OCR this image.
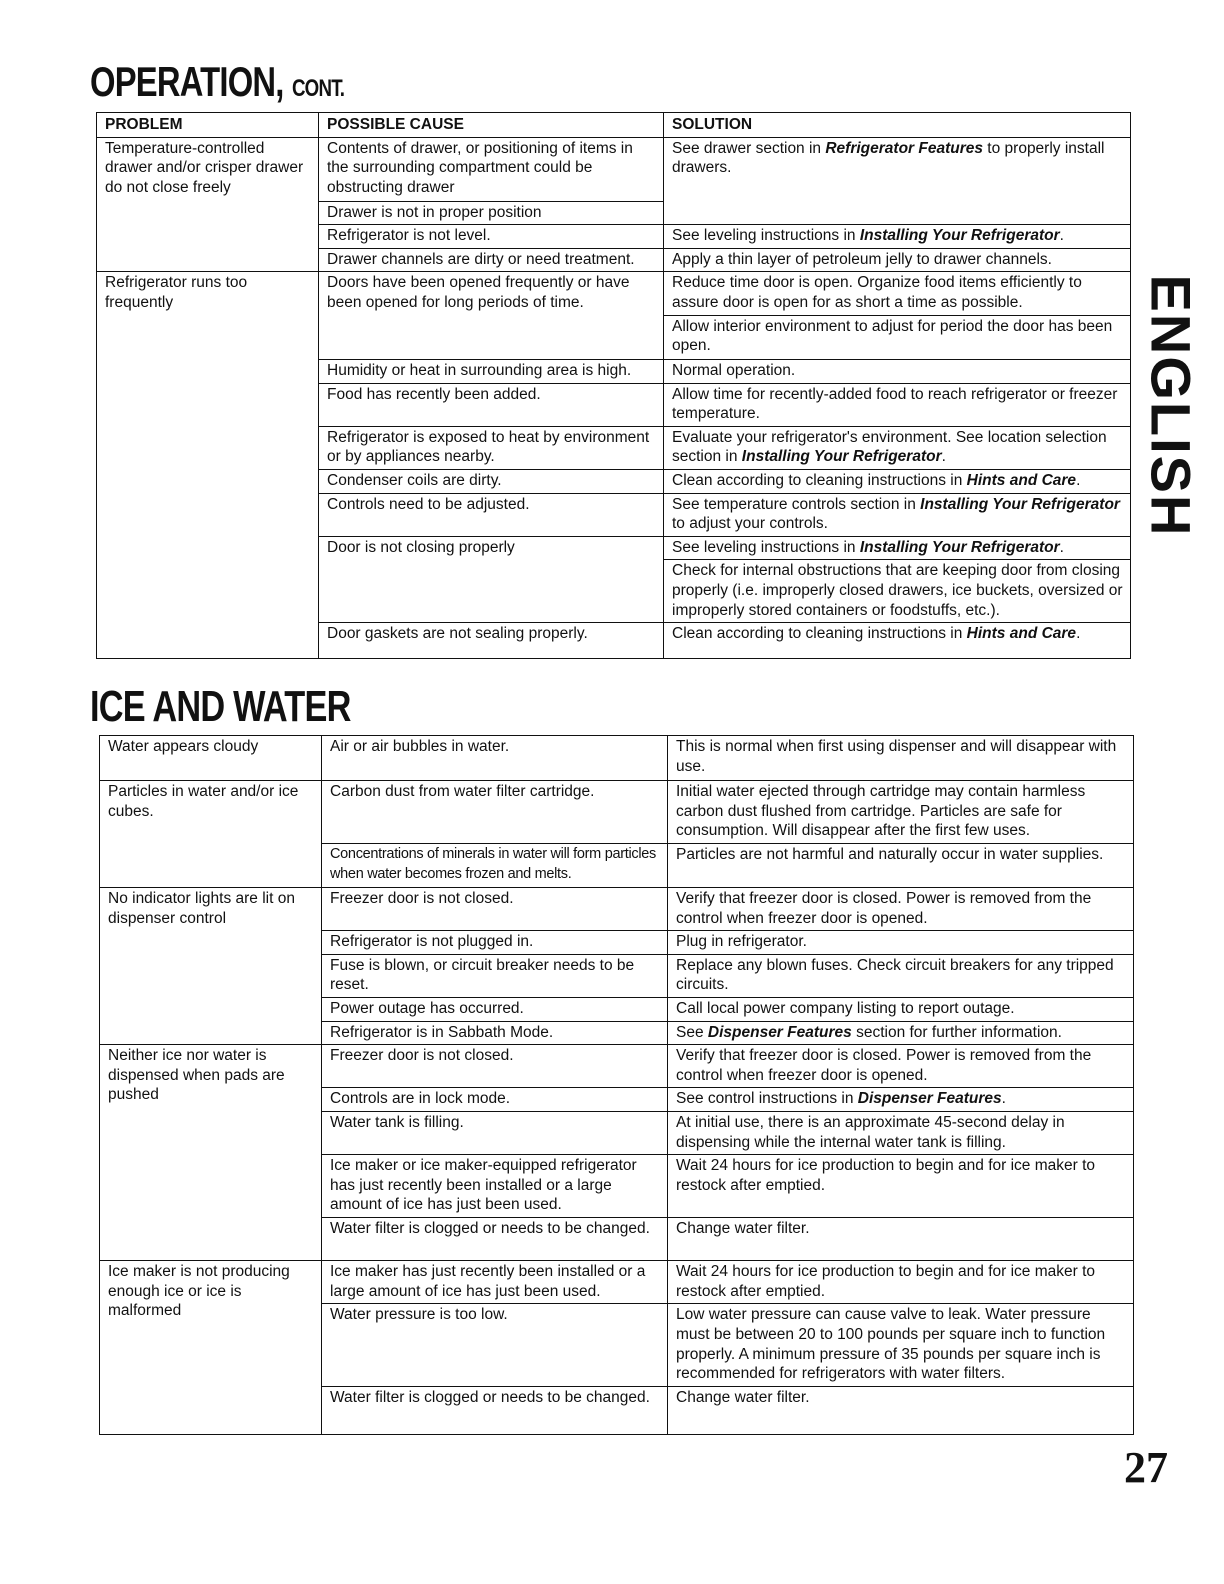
OPERATION, CONT.
PROBLEM	POSSIBLE CAUSE	SOLUTION
Temperature-controlled drawer and/or crisper drawer do not close freely	Contents of drawer, or positioning of items in the surrounding compartment could be obstructing drawer	See drawer section in Refrigerator Features to properly install drawers.
	Drawer is not in proper position	
	Refrigerator is not level.	See leveling instructions in Installing Your Refrigerator.
	Drawer channels are dirty or need treatment.	Apply a thin layer of petroleum jelly to drawer channels.
Refrigerator runs too frequently	Doors have been opened frequently or have been opened for long periods of time.	Reduce time door is open. Organize food items efficiently to assure door is open for as short a time as possible.
		Allow interior environment to adjust for period the door has been open.
	Humidity or heat in surrounding area is high.	Normal operation.
	Food has recently been added.	Allow time for recently-added food to reach refrigerator or freezer temperature.
	Refrigerator is exposed to heat by environment or by appliances nearby.	Evaluate your refrigerator's environment. See location selection section in Installing Your Refrigerator.
	Condenser coils are dirty.	Clean according to cleaning instructions in Hints and Care.
	Controls need to be adjusted.	See temperature controls section in Installing Your Refrigerator to adjust your controls.
	Door is not closing properly	See leveling instructions in Installing Your Refrigerator.
		Check for internal obstructions that are keeping door from closing properly (i.e. improperly closed drawers, ice buckets, oversized or improperly stored containers or foodstuffs, etc.).
	Door gaskets are not sealing properly.	Clean according to cleaning instructions in Hints and Care.
ICE AND WATER
Water appears cloudy	Air or air bubbles in water.	This is normal when first using dispenser and will disappear with use.
Particles in water and/or ice cubes.	Carbon dust from water filter cartridge.	Initial water ejected through cartridge may contain harmless carbon dust flushed from cartridge. Particles are safe for consumption. Will disappear after the first few uses.
	Concentrations of minerals in water will form particles when water becomes frozen and melts.	Particles are not harmful and naturally occur in water supplies.
No indicator lights are lit on dispenser control	Freezer door is not closed.	Verify that freezer door is closed. Power is removed from the control when freezer door is opened.
	Refrigerator is not plugged in.	Plug in refrigerator.
	Fuse is blown, or circuit breaker needs to be reset.	Replace any blown fuses. Check circuit breakers for any tripped circuits.
	Power outage has occurred.	Call local power company listing to report outage.
	Refrigerator is in Sabbath Mode.	See Dispenser Features section for further information.
Neither ice nor water is dispensed when pads are pushed	Freezer door is not closed.	Verify that freezer door is closed. Power is removed from the control when freezer door is opened.
	Controls are in lock mode.	See control instructions in Dispenser Features.
	Water tank is filling.	At initial use, there is an approximate 45-second delay in dispensing while the internal water tank is filling.
	Ice maker or ice maker-equipped refrigerator has just recently been installed or a large amount of ice has just been used.	Wait 24 hours for ice production to begin and for ice maker to restock after emptied.
	Water filter is clogged or needs to be changed.	Change water filter.
Ice maker is not producing enough ice or ice is malformed	Ice maker has just recently been installed or a large amount of ice has just been used.	Wait 24 hours for ice production to begin and for ice maker to restock after emptied.
	Water pressure is too low.	Low water pressure can cause valve to leak. Water pressure must be between 20 to 100 pounds per square inch to function properly. A minimum pressure of 35 pounds per square inch is recommended for refrigerators with water filters.
	Water filter is clogged or needs to be changed.	Change water filter.
ENGLISH
27
